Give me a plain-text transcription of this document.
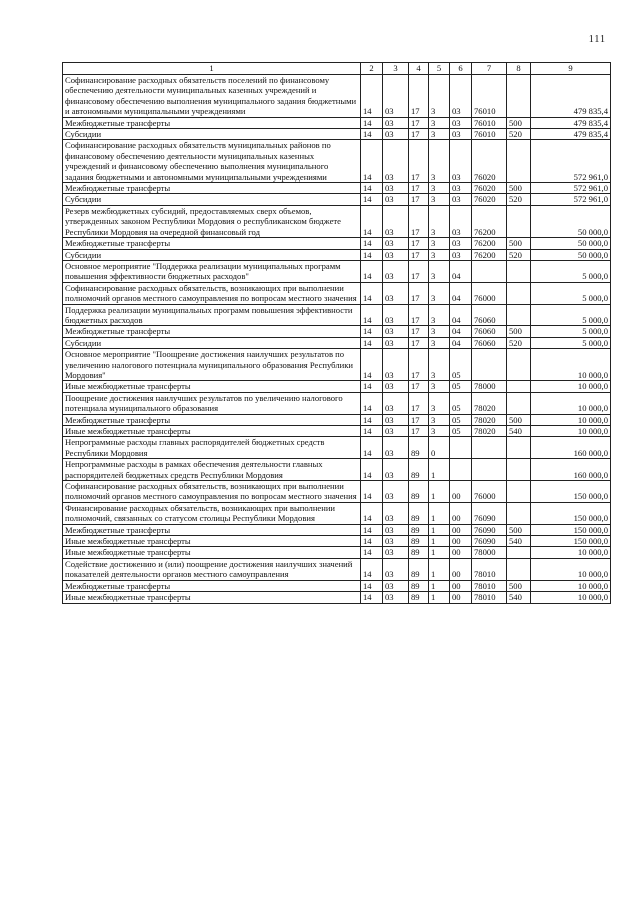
111
1	2	3	4	5	6	7	8	9
Софинансирование расходных обязательств поселений по финансовому обеспечению деятельности муниципальных казенных учреждений и финансовому обеспечению выполнения муниципального задания бюджетными и автономными муниципальными учреждениями	14	03	17	3	03	76010		479 835,4
Межбюджетные трансферты	14	03	17	3	03	76010	500	479 835,4
Субсидии	14	03	17	3	03	76010	520	479 835,4
Софинансирование расходных обязательств муниципальных районов по финансовому обеспечению деятельности муниципальных казенных учреждений и финансовому обеспечению выполнения муниципального задания бюджетными и автономными муниципальными учреждениями	14	03	17	3	03	76020		572 961,0
Межбюджетные трансферты	14	03	17	3	03	76020	500	572 961,0
Субсидии	14	03	17	3	03	76020	520	572 961,0
Резерв межбюджетных субсидий, предоставляемых сверх объемов, утвержденных законом Республики Мордовия о республиканском бюджете Республики Мордовия на очередной финансовый год	14	03	17	3	03	76200		50 000,0
Межбюджетные трансферты	14	03	17	3	03	76200	500	50 000,0
Субсидии	14	03	17	3	03	76200	520	50 000,0
Основное мероприятие "Поддержка реализации муниципальных программ повышения эффективности бюджетных расходов"	14	03	17	3	04			5 000,0
Софинансирование расходных обязательств, возникающих при выполнении полномочий органов местного самоуправления по вопросам местного значения	14	03	17	3	04	76000		5 000,0
Поддержка реализации муниципальных программ повышения эффективности бюджетных расходов	14	03	17	3	04	76060		5 000,0
Межбюджетные трансферты	14	03	17	3	04	76060	500	5 000,0
Субсидии	14	03	17	3	04	76060	520	5 000,0
Основное мероприятие "Поощрение достижения наилучших результатов по увеличению налогового потенциала муниципального образования Республики Мордовия"	14	03	17	3	05			10 000,0
Иные межбюджетные трансферты	14	03	17	3	05	78000		10 000,0
Поощрение достижения наилучших результатов по увеличению налогового потенциала муниципального образования	14	03	17	3	05	78020		10 000,0
Межбюджетные трансферты	14	03	17	3	05	78020	500	10 000,0
Иные межбюджетные трансферты	14	03	17	3	05	78020	540	10 000,0
Непрограммные расходы главных распорядителей бюджетных средств Республики Мордовия	14	03	89	0				160 000,0
Непрограммные расходы в рамках обеспечения деятельности главных распорядителей бюджетных средств Республики Мордовия	14	03	89	1				160 000,0
Софинансирование расходных обязательств, возникающих при выполнении полномочий органов местного самоуправления по вопросам местного значения	14	03	89	1	00	76000		150 000,0
Финансирование расходных обязательств, возникающих при выполнении полномочий, связанных со статусом столицы Республики Мордовия	14	03	89	1	00	76090		150 000,0
Межбюджетные трансферты	14	03	89	1	00	76090	500	150 000,0
Иные межбюджетные трансферты	14	03	89	1	00	76090	540	150 000,0
Иные межбюджетные трансферты	14	03	89	1	00	78000		10 000,0
Содействие достижению и (или) поощрение достижения наилучших значений показателей деятельности органов местного самоуправления	14	03	89	1	00	78010		10 000,0
Межбюджетные трансферты	14	03	89	1	00	78010	500	10 000,0
Иные межбюджетные трансферты	14	03	89	1	00	78010	540	10 000,0
